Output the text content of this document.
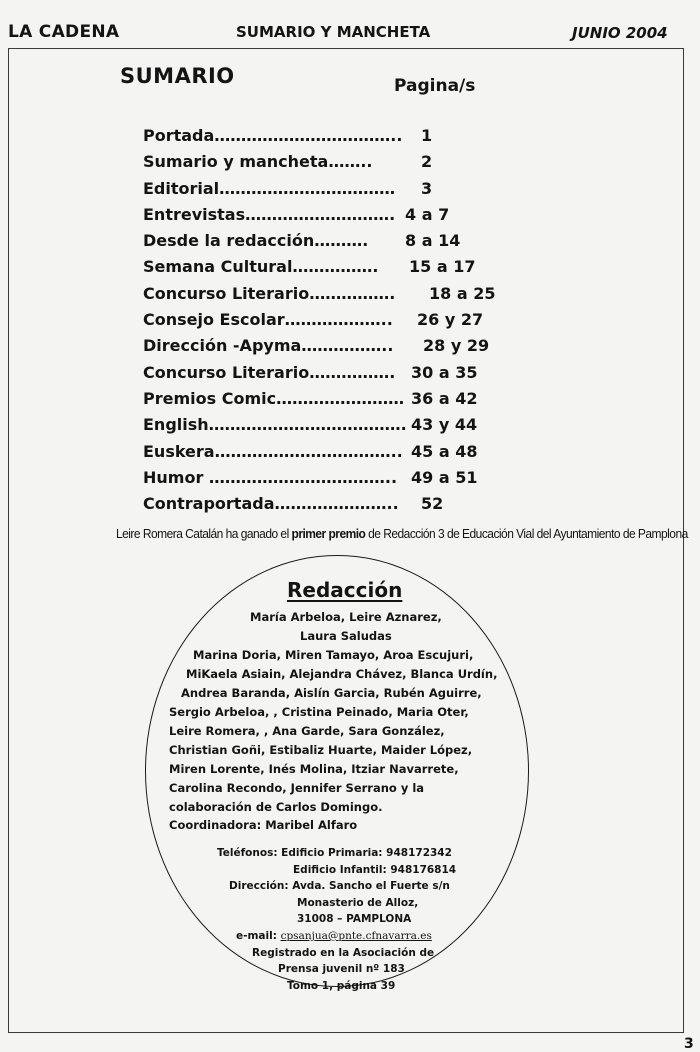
LA CADENA	SUMARIO Y MANCHETA	JUNIO 2004
SUMARIO	Pagina/s
Portada…………………………….. 1
Sumario y mancheta……..	2
Editorial…………………………… 3
Entrevistas………………………. 4 a 7
Desde la redacción………. 8 a 14
Semana Cultural……………. 15 a 17
Concurso Literario……………. 18 a 25
Consejo Escolar……………….. 26 y 27
Dirección -Apyma…………….. 28 y 29
Concurso Literario……………. 30 a 35
Premios Comic…………………… 36 a 42
English………………………………. 43 y 44
Euskera…………………………….. 45 a 48
Humor …………………………….. 49 a 51
Contraportada………………….. 52
Leire Romera Catalán ha ganado el primer premio de Redacción 3 de Educación Vial del Ayuntamiento de Pamplona
Redacción
María Arbeloa, Leire Aznarez,
Laura Saludas
Marina Doria, Miren Tamayo, Aroa Escujuri,
MiKaela Asiain, Alejandra Chávez, Blanca Urdín,
Andrea Baranda, Aislín Garcia, Rubén Aguirre,
Sergio Arbeloa, , Cristina Peinado, Maria Oter,
Leire Romera, , Ana Garde, Sara González,
Christian Goñi, Estibaliz Huarte, Maider López,
Miren Lorente, Inés Molina, Itziar Navarrete,
Carolina Recondo, Jennifer Serrano y la
colaboración de Carlos Domingo.
Coordinadora: Maribel Alfaro
Teléfonos: Edificio Primaria: 948172342
Edificio Infantil: 948176814
Dirección: Avda. Sancho el Fuerte s/n
Monasterio de Alloz,
31008 – PAMPLONA
e-mail: cpsanjua@pnte.cfnavarra.es
Registrado en la Asociación de
Prensa juvenil nº 183
Tomo 1, página 39
3
